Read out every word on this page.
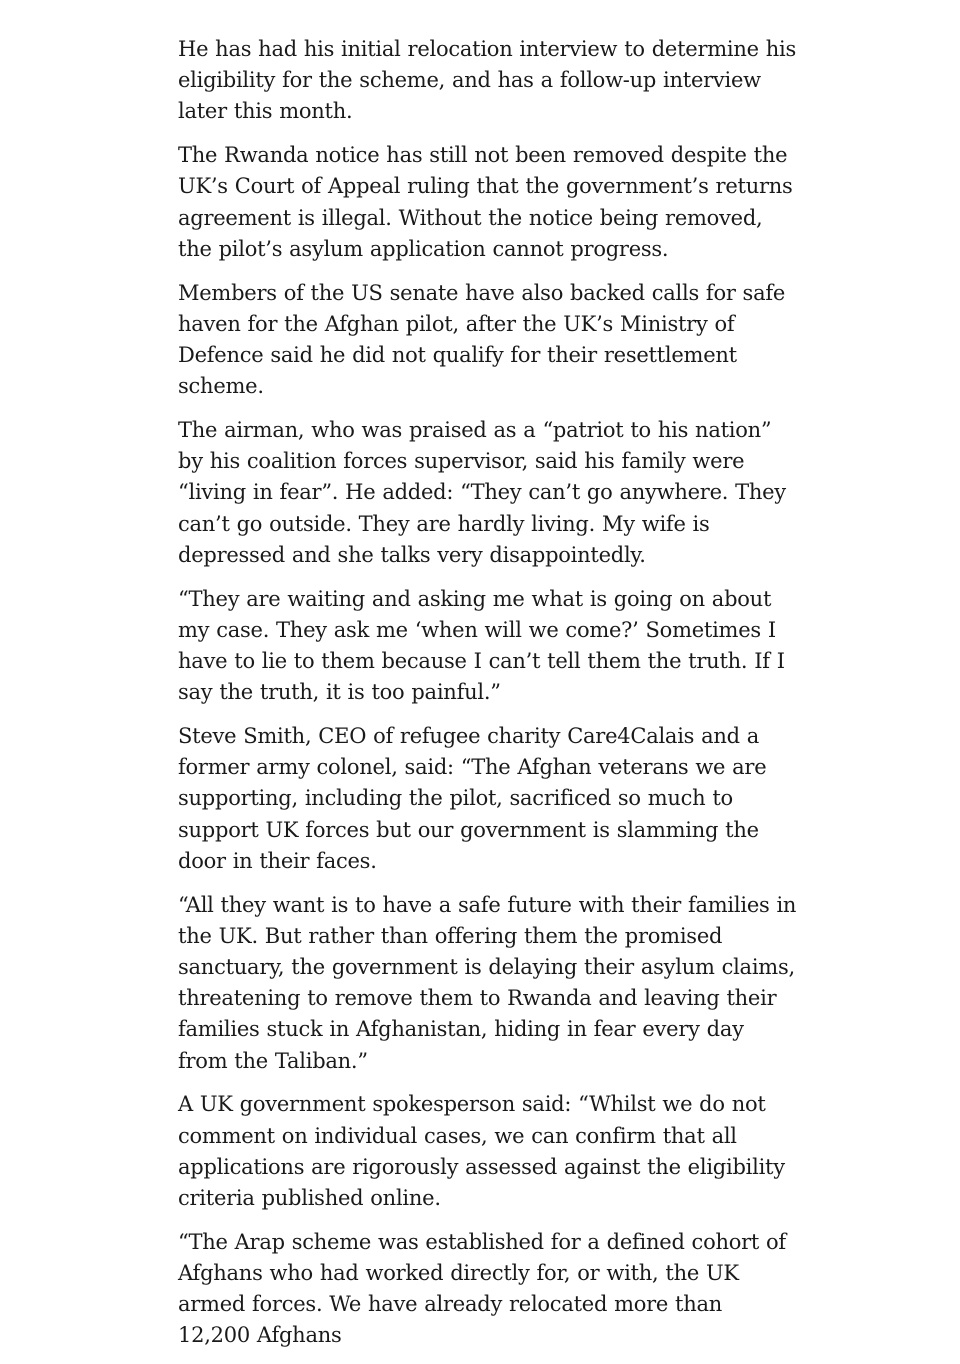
He has had his initial relocation interview to determine his eligibility for the scheme, and has a follow-up interview later this month.

The Rwanda notice has still not been removed despite the UK’s Court of Appeal ruling that the government’s returns agreement is illegal. Without the notice being removed, the pilot’s asylum application cannot progress.

Members of the US senate have also backed calls for safe haven for the Afghan pilot, after the UK’s Ministry of Defence said he did not qualify for their resettlement scheme.

The airman, who was praised as a “patriot to his nation” by his coalition forces supervisor, said his family were “living in fear”. He added: “They can’t go anywhere. They can’t go outside. They are hardly living. My wife is depressed and she talks very disappointedly.

“They are waiting and asking me what is going on about my case. They ask me ‘when will we come?’ Sometimes I have to lie to them because I can’t tell them the truth. If I say the truth, it is too painful.”

Steve Smith, CEO of refugee charity Care4Calais and a former army colonel, said: “The Afghan veterans we are supporting, including the pilot, sacrificed so much to support UK forces but our government is slamming the door in their faces.

“All they want is to have a safe future with their families in the UK. But rather than offering them the promised sanctuary, the government is delaying their asylum claims, threatening to remove them to Rwanda and leaving their families stuck in Afghanistan, hiding in fear every day from the Taliban.”

A UK government spokesperson said: “Whilst we do not comment on individual cases, we can confirm that all applications are rigorously assessed against the eligibility criteria published online.

“The Arap scheme was established for a defined cohort of Afghans who had worked directly for, or with, the UK armed forces. We have already relocated more than 12,200 Afghans
